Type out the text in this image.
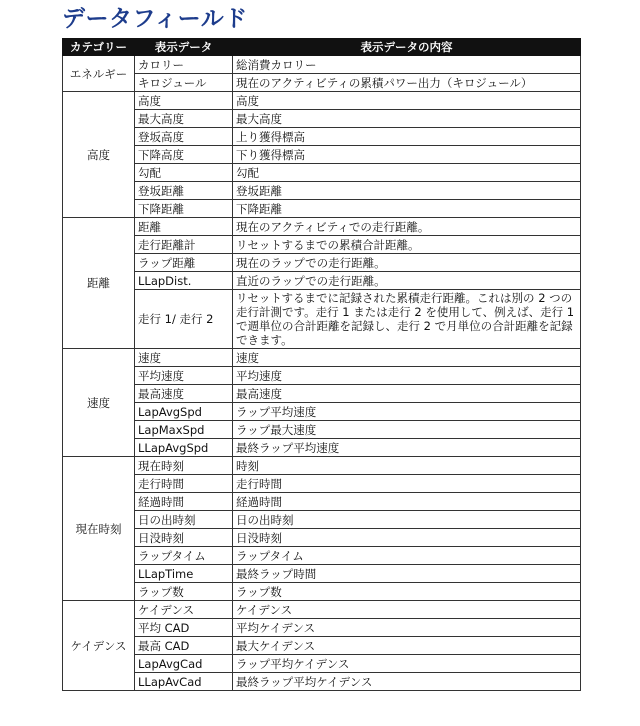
データフィールド
カテゴリー	表示データ	表示データの内容
エネルギー	カロリー	総消費カロリー
	キロジュール	現在のアクティビティの累積パワー出力（キロジュール）
高度	高度	高度
	最大高度	最大高度
	登坂高度	上り獲得標高
	下降高度	下り獲得標高
	勾配	勾配
	登坂距離	登坂距離
	下降距離	下降距離
距離	距離	現在のアクティビティでの走行距離。
	走行距離計	リセットするまでの累積合計距離。
	ラップ距離	現在のラップでの走行距離。
	LLapDist.	直近のラップでの走行距離。
	走行 1/ 走行 2	リセットするまでに記録された累積走行距離。これは別の 2 つの走行計測です。走行 1 または走行 2 を使用して、例えば、走行 1 で週単位の合計距離を記録し、走行 2 で月単位の合計距離を記録できます。
速度	速度	速度
	平均速度	平均速度
	最高速度	最高速度
	LapAvgSpd	ラップ平均速度
	LapMaxSpd	ラップ最大速度
	LLapAvgSpd	最終ラップ平均速度
現在時刻	現在時刻	時刻
	走行時間	走行時間
	経過時間	経過時間
	日の出時刻	日の出時刻
	日没時刻	日没時刻
	ラップタイム	ラップタイム
	LLapTime	最終ラップ時間
	ラップ数	ラップ数
ケイデンス	ケイデンス	ケイデンス
	平均 CAD	平均ケイデンス
	最高 CAD	最大ケイデンス
	LapAvgCad	ラップ平均ケイデンス
	LLapAvCad	最終ラップ平均ケイデンス
